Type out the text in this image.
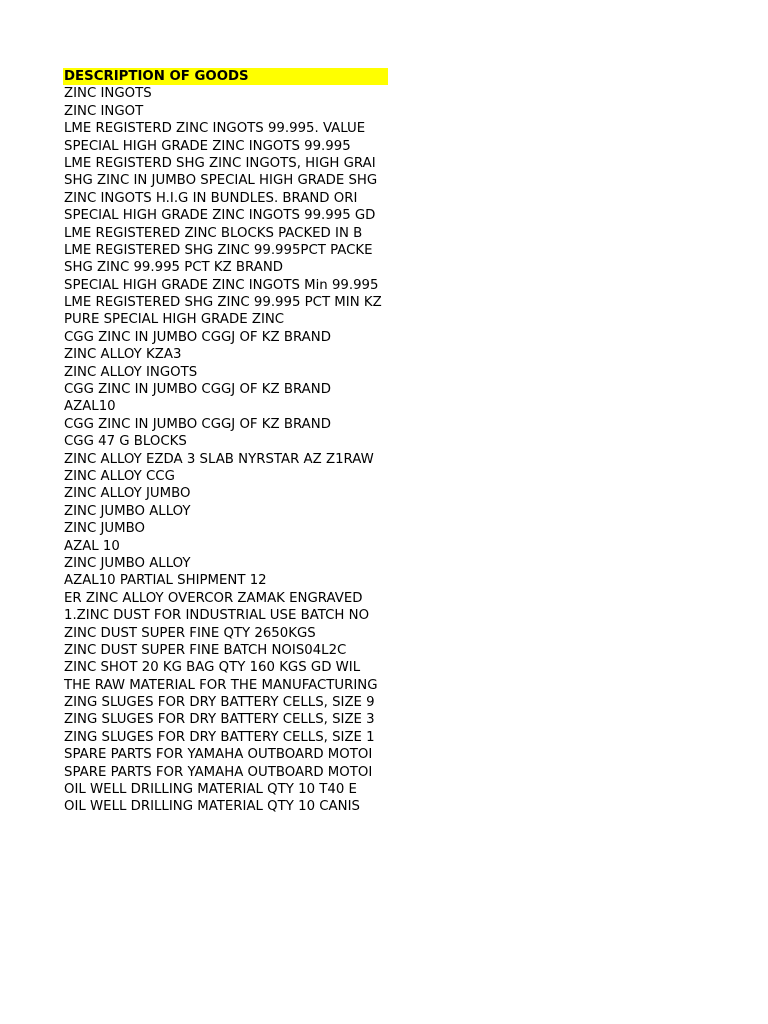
DESCRIPTION OF GOODS
ZINC INGOTS
ZINC INGOT
LME REGISTERD ZINC INGOTS 99.995. VALUE
SPECIAL HIGH GRADE ZINC INGOTS 99.995
LME REGISTERD SHG ZINC INGOTS, HIGH GRAI
SHG ZINC IN JUMBO SPECIAL HIGH GRADE SHG
ZINC INGOTS H.I.G IN BUNDLES. BRAND ORI
SPECIAL HIGH GRADE ZINC INGOTS 99.995 GD
LME REGISTERED ZINC BLOCKS PACKED IN B
LME REGISTERED SHG ZINC 99.995PCT PACKE
SHG ZINC 99.995 PCT KZ BRAND
SPECIAL HIGH GRADE ZINC INGOTS Min 99.995
LME REGISTERED SHG ZINC 99.995 PCT MIN KZ
PURE SPECIAL HIGH GRADE ZINC
CGG ZINC IN JUMBO CGGJ OF KZ BRAND
ZINC ALLOY KZA3
ZINC ALLOY INGOTS
CGG ZINC IN JUMBO CGGJ OF KZ BRAND
AZAL10
CGG ZINC IN JUMBO CGGJ OF KZ BRAND
CGG 47 G BLOCKS
ZINC ALLOY EZDA 3 SLAB NYRSTAR AZ Z1RAW
ZINC ALLOY CCG
ZINC ALLOY JUMBO
ZINC JUMBO ALLOY
ZINC JUMBO
AZAL 10
ZINC JUMBO ALLOY
AZAL10 PARTIAL SHIPMENT 12
ER ZINC ALLOY OVERCOR ZAMAK ENGRAVED
1.ZINC DUST FOR INDUSTRIAL USE BATCH NO
ZINC DUST SUPER FINE QTY 2650KGS
ZINC DUST SUPER FINE BATCH NOIS04L2C
ZINC SHOT 20 KG BAG QTY 160 KGS GD WIL
THE RAW MATERIAL FOR THE MANUFACTURING
ZING SLUGES FOR DRY BATTERY CELLS, SIZE 9
ZING SLUGES FOR DRY BATTERY CELLS, SIZE 3
ZING SLUGES FOR DRY BATTERY CELLS, SIZE 1
SPARE PARTS FOR YAMAHA OUTBOARD MOTOI
SPARE PARTS FOR YAMAHA OUTBOARD MOTOI
OIL WELL DRILLING MATERIAL QTY 10 T40 E
OIL WELL DRILLING MATERIAL QTY 10 CANIS
